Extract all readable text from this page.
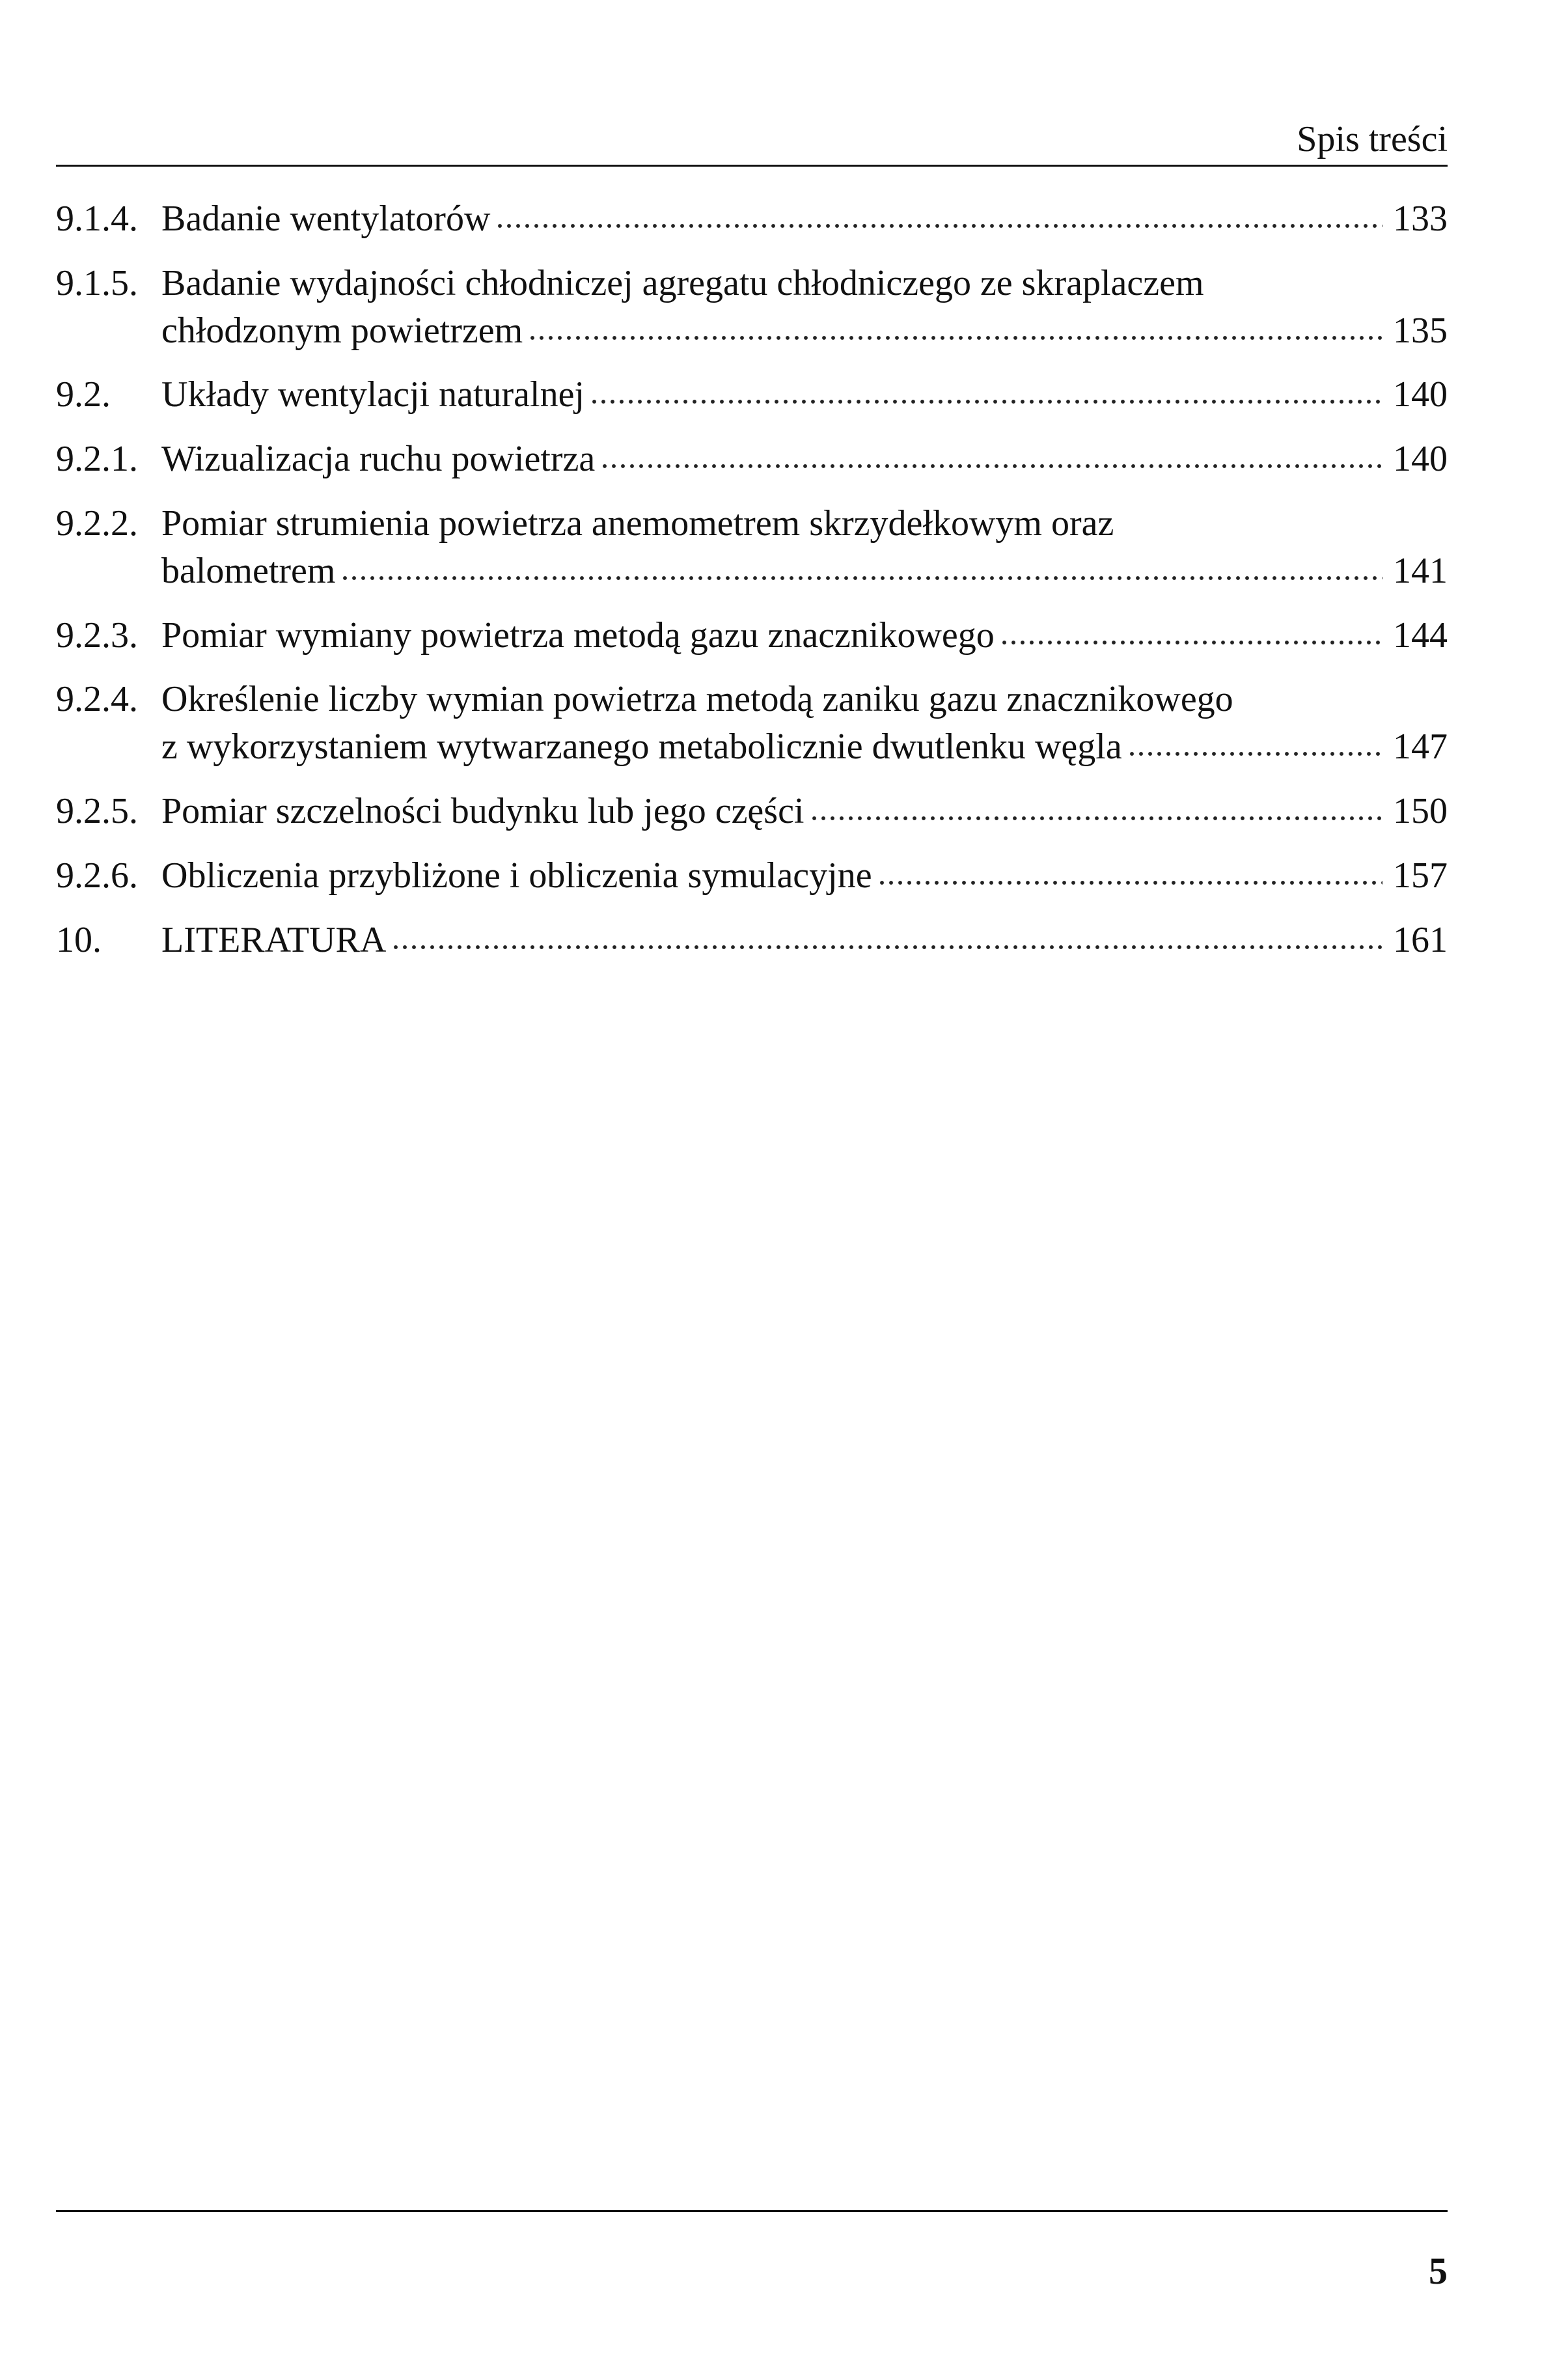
Spis treści
9.1.4. Badanie wentylatorów	133
9.1.5. Badanie wydajności chłodniczej agregatu chłodniczego ze skraplaczem
chłodzonym powietrzem	135
9.2.	Układy wentylacji naturalnej	140
9.2.1. Wizualizacja ruchu powietrza	140
9.2.2. Pomiar strumienia powietrza anemometrem skrzydełkowym oraz
balometrem	141
9.2.3. Pomiar wymiany powietrza metodą gazu znacznikowego	144
9.2.4. Określenie liczby wymian powietrza metodą zaniku gazu znacznikowego
z wykorzystaniem wytwarzanego metabolicznie dwutlenku węgla	147
9.2.5. Pomiar szczelności budynku lub jego części	150
9.2.6. Obliczenia przybliżone i obliczenia symulacyjne	157
10.	LITERATURA	161
5
